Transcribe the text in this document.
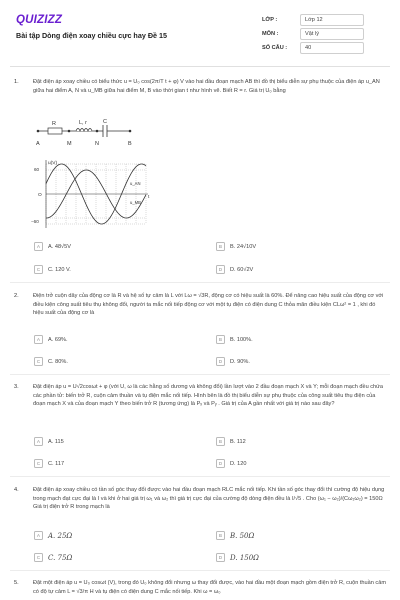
QUIZIZZ
Bài tập Dòng điện xoay chiều cực hay Đề 15
LỚP :	Lớp 12
MÔN :	Vật lý
SỐ CÂU :	40
1.	Đặt điện áp xoay chiều có biểu thức u = U₀ cos(2π/T t + φ) V vào hai đầu đoạn mạch AB thì đồ thị biểu diễn sự phụ thuộc của điện áp u_AN giữa hai điểm A, N và u_MB giữa hai điểm M, B vào thời gian t như hình vẽ. Biết R = r. Giá trị U₀ bằng
R	L, r	C
A	M	N	B
u(V)
60
O
−60
t
u_AN
u_MB
A	A. 48√5V	B	B. 24√10V
C	C. 120 V.	D	D. 60√2V
2.	Điện trở cuộn dây của động cơ là R và hệ số tự cảm là L với Lω = √3R, động cơ có hiệu suất là 60%. Để nâng cao hiệu suất của động cơ với điều kiện công suất tiêu thụ không đổi, người ta mắc nối tiếp động cơ với một tụ điện có điện dung C thỏa mãn điều kiện CLω² = 1 , khi đó hiệu suất của động cơ là
A	A. 69%.	B	B. 100%.
C	C. 80%.	D	D. 90%.
3.	Đặt điện áp u = U√2cosωt + φ (với U, ω là các hằng số dương và không đổi) lần lượt vào 2 đầu đoạn mạch X và Y; mỗi đoạn mạch đều chứa các phần tử: biến trở R, cuộn cảm thuần và tụ điện mắc nối tiếp. Hình bên là đồ thị biểu diễn sự phụ thuộc của công suất tiêu thụ điện của đoạn mạch X và của đoạn mạch Y theo biến trở R (tương ứng) là Pₓ và Pᵧ . Giá trị của A gần nhất với giá trị nào sau đây?
A	A. 115	B	B. 112
C	C. 117	D	D. 120
4.	Đặt điện áp xoay chiều có tần số góc thay đổi được vào hai đầu đoạn mạch RLC mắc nối tiếp. Khi tần số góc thay đổi thì cường độ hiệu dụng trong mạch đạt cực đại là I và khi ở hai giá trị ω₁ và ω₂ thì giá trị cực đại của cường độ dòng điện đều là I/√5 . Cho (ω₁ − ω₂)/(Cω₁ω₂) = 150Ω Giá trị điện trở R trong mạch là
A	A. 25Ω	B	B. 50Ω
C	C. 75Ω	D	D. 150Ω
5.	Đặt một điện áp u = U₀ cosωt (V), trong đó U₀ không đổi nhưng ω thay đổi được, vào hai đầu một đoạn mạch gồm điện trở R, cuộn thuần cảm có độ tự cảm L = √3/π H và tụ điện có điện dung C mắc nối tiếp. Khi ω = ω₀
